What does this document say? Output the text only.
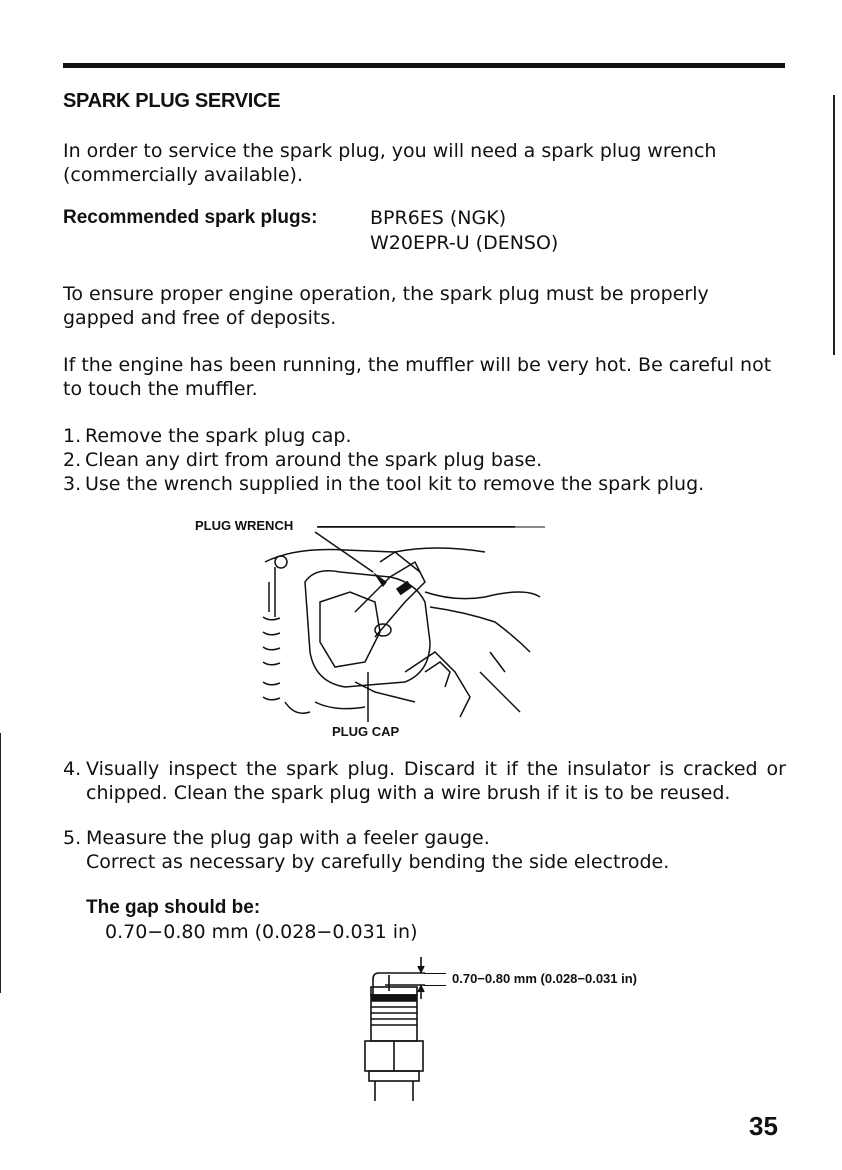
SPARK PLUG SERVICE

In order to service the spark plug, you will need a spark plug wrench (commercially available).

Recommended spark plugs:	BPR6ES (NGK)
W20EPR-U (DENSO)

To ensure proper engine operation, the spark plug must be properly gapped and free of deposits.

If the engine has been running, the muffler will be very hot. Be careful not to touch the muffler.

1. Remove the spark plug cap.
2. Clean any dirt from around the spark plug base.
3. Use the wrench supplied in the tool kit to remove the spark plug.
PLUG WRENCH
PLUG CAP
4. Visually inspect the spark plug. Discard it if the insulator is cracked or chipped. Clean the spark plug with a wire brush if it is to be reused.
5. Measure the plug gap with a feeler gauge.
Correct as necessary by carefully bending the side electrode.
The gap should be:
0.70−0.80 mm (0.028−0.031 in)
0.70−0.80 mm (0.028−0.031 in)
35
